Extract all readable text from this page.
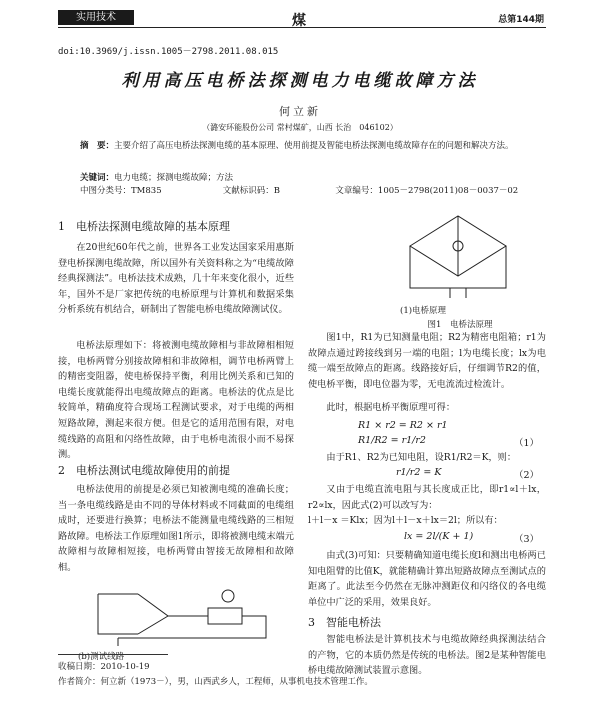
实用技术	煤	总第144期
doi:10.3969/j.issn.1005－2798.2011.08.015
利用高压电桥法探测电力电缆故障方法
何立新
（潞安环能股份公司 常村煤矿，山西 长治　046102）
摘　要：主要介绍了高压电桥法探测电缆的基本原理、使用前提及智能电桥法探测电缆故障存在的问题和解决方法。
关键词：电力电缆；探测电缆故障；方法
中图分类号：TM835	文献标识码：B	文章编号：1005－2798(2011)08－0037－02
1　电桥法探测电缆故障的基本原理
在20世纪60年代之前，世界各工业发达国家采用惠斯登电桥探测电缆故障，所以国外有关资料称之为“电缆故障经典探测法”。电桥法技术成熟，几十年来变化很小，近些年，国外不是厂家把传统的电桥原理与计算机和数据采集分析系统有机结合，研制出了智能电桥电缆故障测试仪。
电桥法原理如下：将被测电缆故障相与非故障相相短接，电桥两臂分别接故障相和非故障相，调节电桥两臂上的精密变阻器，使电桥保持平衡，利用比例关系和已知的电缆长度就能得出电缆故障点的距离。电桥法的优点是比较简单，精确度符合现场工程测试要求，对于电缆的两相短路故障，测起来很方便。但是它的适用范围有限，对电缆线路的高阻和闪络性故障，由于电桥电流很小而不易探测。
2　电桥法测试电缆故障使用的前提
电桥法使用的前提是必须已知被测电缆的准确长度；当一条电缆线路是由不同的导体材料或不同截面的电缆组成时，还要进行换算；电桥法不能测量电缆线路的三相短路故障。电桥法工作原理如图1所示，即将被测电缆末端元故障相与故障相短接，电桥两臂由智接无故障相和故障相。
(b)测试线路
(1)电桥原理
图1　电桥法原理
图1中，R1为已知测量电阻；R2为精密电阻箱；r1为故障点通过跨接线到另一端的电阻；l为电缆长度；lx为电缆一端至故障点的距离。线路接好后，仔细调节R2的值，使电桥平衡，即电位器为零，无电流流过检流计。
此时，根据电桥平衡原理可得：
R1 × r2 = R2 × r1
R1/R2 = r1/r2	（1）
由于R1、R2为已知电阻，设R1/R2＝K，则：
r1/r2 = K	（2）
又由于电缆直流电阻与其长度成正比，即r1∝l＋lx，r2∝lx，因此式(2)可以改写为：
l＋l－x ＝Klx；因为l＋l－x＋lx＝2l；所以有：
lx = 2l/(K + 1)	（3）
由式(3)可知：只要精确知道电缆长度l和测出电桥两已知电阻臂的比值K，就能精确计算出短路故障点至测试点的距离了。此法至今仍然在无脉冲测距仪和闪络仪的各电缆单位中广泛的采用，效果良好。
3　智能电桥法
智能电桥法是计算机技术与电缆故障经典探测法结合的产物，它的本质仍然是传统的电桥法。图2是某种智能电桥电缆故障测试装置示意图。
收稿日期：2010-10-19
作者简介：何立新（1973－），男，山西武乡人，工程师，从事机电技术管理工作。
